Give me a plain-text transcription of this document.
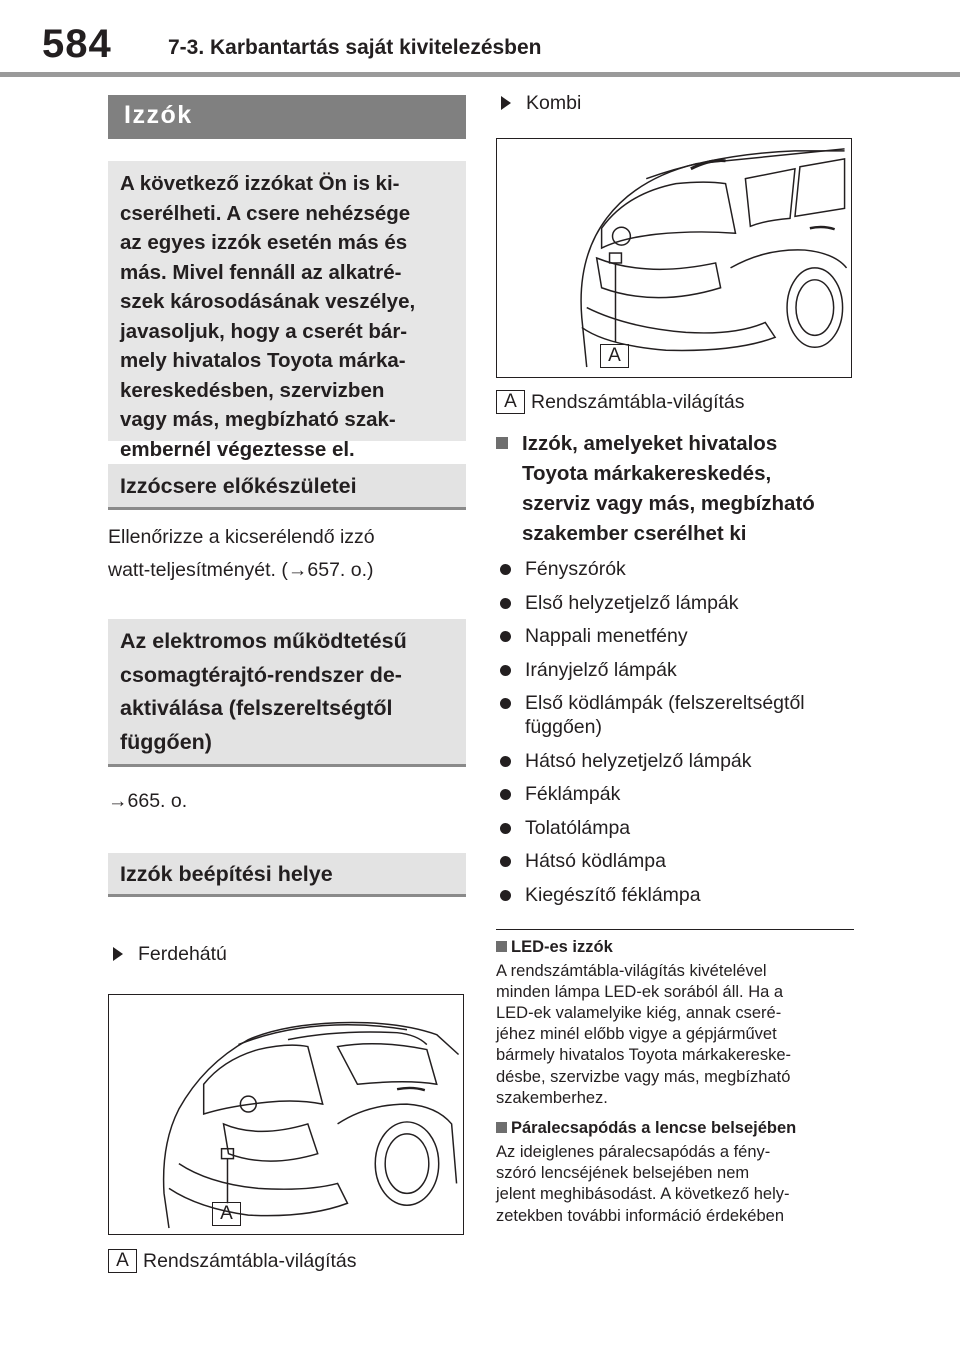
584	7-3. Karbantartás saját kivitelezésben
Izzók
A következő izzókat Ön is ki-
cserélheti. A csere nehézsége
az egyes izzók esetén más és
más. Mivel fennáll az alkatré-
szek károsodásának veszélye,
javasoljuk, hogy a cserét bár-
mely hivatalos Toyota márka-
kereskedésben, szervizben
vagy más, megbízható szak-
embernél végeztesse el.
Izzócsere előkészületei
Ellenőrizze a kicserélendő izzó
watt-teljesítményét. (→657. o.)
Az elektromos működtetésű
csomagtérajtó-rendszer de-
aktiválása (felszereltségtől
függően)
→665. o.
Izzók beépítési helye
Ferdehátú
A
A Rendszámtábla-világítás
Kombi
A
A Rendszámtábla-világítás
Izzók, amelyeket hivatalos
Toyota márkakereskedés,
szerviz vagy más, megbízható
szakember cserélhet ki
Fényszórók
Első helyzetjelző lámpák
Nappali menetfény
Irányjelző lámpák
Első ködlámpák (felszereltségtől függően)
Hátsó helyzetjelző lámpák
Féklámpák
Tolatólámpa
Hátsó ködlámpa
Kiegészítő féklámpa
LED-es izzók
A rendszámtábla-világítás kivételével
minden lámpa LED-ek sorából áll. Ha a
LED-ek valamelyike kiég, annak cseré-
jéhez minél előbb vigye a gépjárművet
bármely hivatalos Toyota márkakereske-
désbe, szervizbe vagy más, megbízható
szakemberhez.
Páralecsapódás a lencse belsejében
Az ideiglenes páralecsapódás a fény-
szóró lencséjének belsejében nem
jelent meghibásodást. A következő hely-
zetekben további információ érdekében
